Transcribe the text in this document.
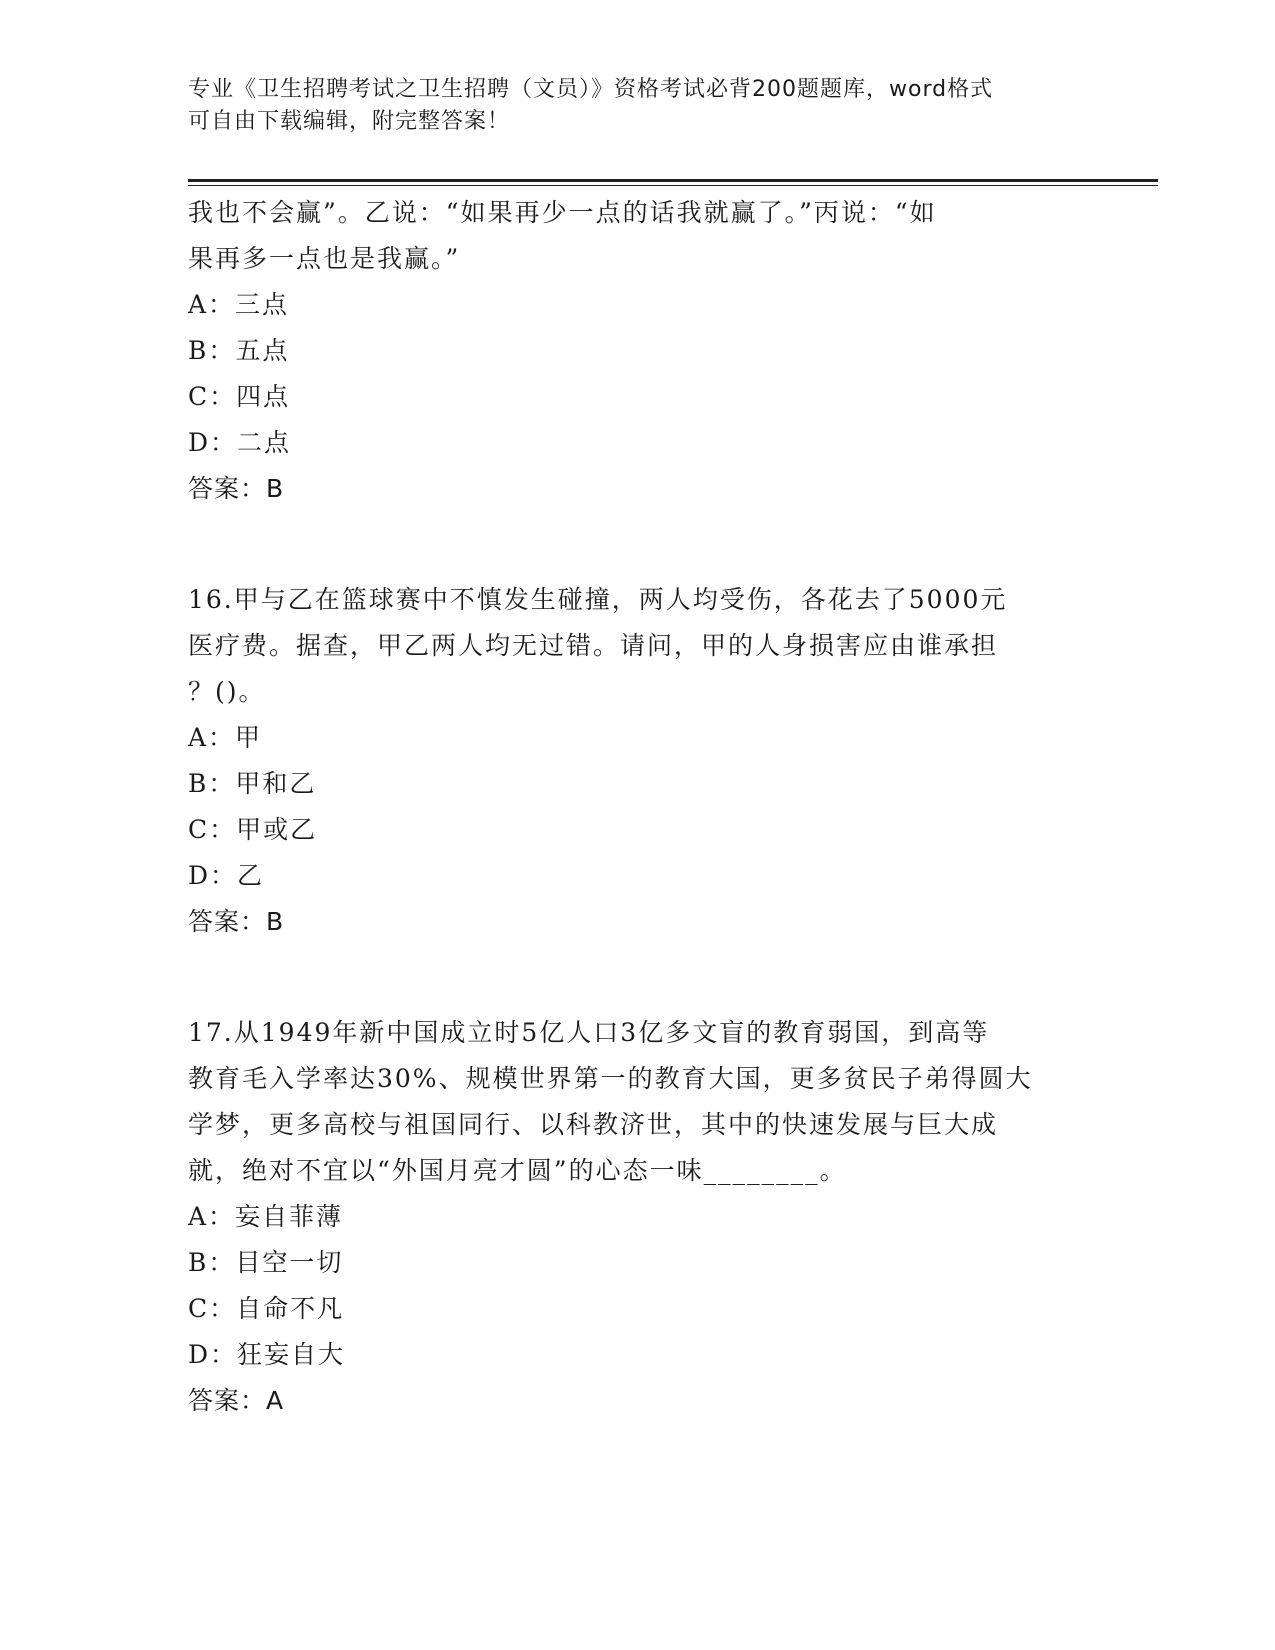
专业《卫生招聘考试之卫生招聘（文员）》资格考试必背200题题库，word格式
可自由下载编辑，附完整答案！
我也不会赢”。乙说：“如果再少一点的话我就赢了。”丙说：“如
果再多一点也是我赢。”
A：三点
B：五点
C：四点
D：二点
答案：B
16.甲与乙在篮球赛中不慎发生碰撞，两人均受伤，各花去了5000元
医疗费。据查，甲乙两人均无过错。请问，甲的人身损害应由谁承担
？()。
A：甲
B：甲和乙
C：甲或乙
D：乙
答案：B
17.从1949年新中国成立时5亿人口3亿多文盲的教育弱国，到高等
教育毛入学率达30%、规模世界第一的教育大国，更多贫民子弟得圆大
学梦，更多高校与祖国同行、以科教济世，其中的快速发展与巨大成
就，绝对不宜以“外国月亮才圆”的心态一味________。
A：妄自菲薄
B：目空一切
C：自命不凡
D：狂妄自大
答案：A
